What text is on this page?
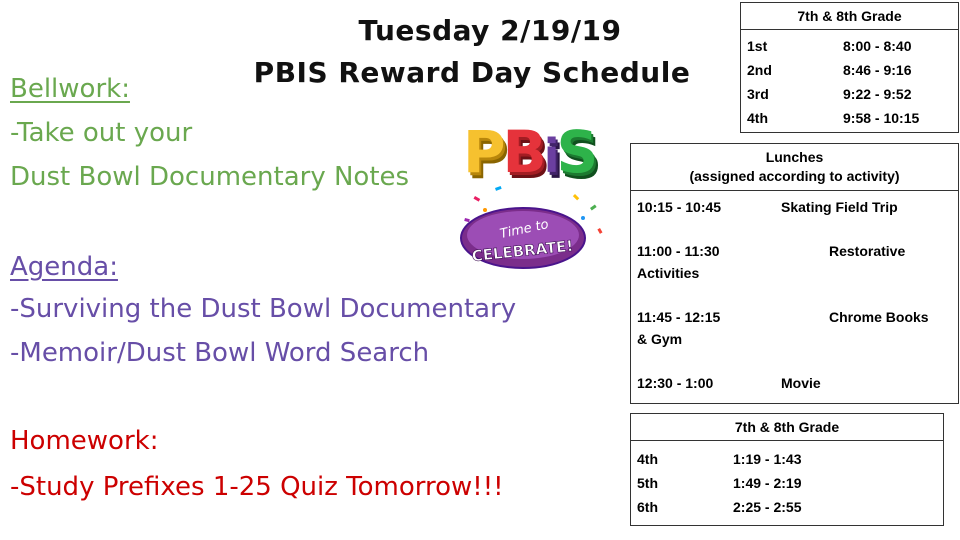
Tuesday 2/19/19
PBIS Reward Day Schedule
Bellwork:
-Take out your
Dust Bowl Documentary Notes
Agenda:
-Surviving the Dust Bowl Documentary
-Memoir/Dust Bowl Word Search
Homework:
-Study Prefixes 1-25 Quiz Tomorrow!!!
Time to
CELEBRATE!
PBiS
7th & 8th Grade
1st	8:00 - 8:40
2nd	8:46 - 9:16
3rd	9:22 - 9:52
4th	9:58 - 10:15
Lunches
(assigned according to activity)
10:15 - 10:45	Skating Field Trip
11:00 - 11:30	Restorative
Activities
11:45 - 12:15	Chrome Books
& Gym
12:30 - 1:00	Movie
7th & 8th Grade
4th	1:19 - 1:43
5th	1:49 - 2:19
6th	2:25 - 2:55
